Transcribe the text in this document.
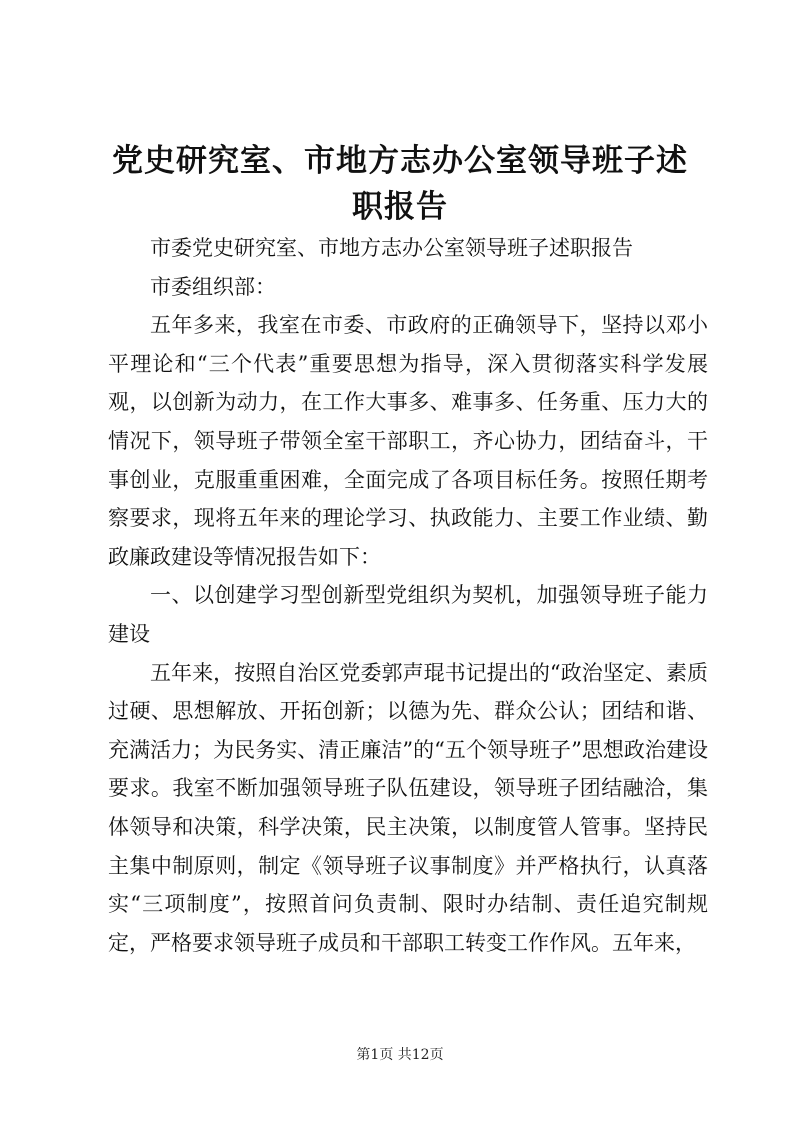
党史研究室、市地方志办公室领导班子述职报告

市委党史研究室、市地方志办公室领导班子述职报告

市委组织部：

五年多来，我室在市委、市政府的正确领导下，坚持以邓小平理论和“三个代表”重要思想为指导，深入贯彻落实科学发展观，以创新为动力，在工作大事多、难事多、任务重、压力大的情况下，领导班子带领全室干部职工，齐心协力，团结奋斗，干事创业，克服重重困难，全面完成了各项目标任务。按照任期考察要求，现将五年来的理论学习、执政能力、主要工作业绩、勤政廉政建设等情况报告如下：

一、以创建学习型创新型党组织为契机，加强领导班子能力建设

五年来，按照自治区党委郭声琨书记提出的“政治坚定、素质过硬、思想解放、开拓创新；以德为先、群众公认；团结和谐、充满活力；为民务实、清正廉洁”的“五个领导班子”思想政治建设要求。我室不断加强领导班子队伍建设，领导班子团结融洽，集体领导和决策，科学决策，民主决策，以制度管人管事。坚持民主集中制原则，制定《领导班子议事制度》并严格执行，认真落实“三项制度”，按照首问负责制、限时办结制、责任追究制规定，严格要求领导班子成员和干部职工转变工作作风。五年来，

第1页 共12页
